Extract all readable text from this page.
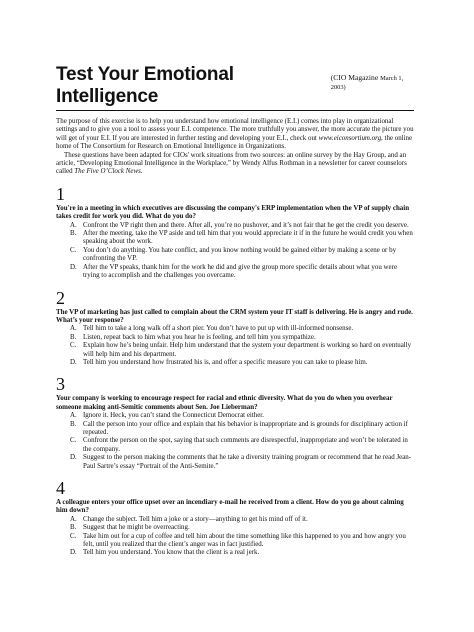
Test Your Emotional Intelligence
(CIO Magazine March 1, 2003)

The purpose of this exercise is to help you understand how emotional intelligence (E.I.) comes into play in organizational settings and to give you a tool to assess your E.I. competence. The more truthfully you answer, the more accurate the picture you will get of your E.I. If you are interested in further testing and developing your E.I., check out www.eiconsortium.org, the online home of The Consortium for Research on Emotional Intelligence in Organizations.

These questions have been adapted for CIOs' work situations from two sources: an online survey by the Hay Group, and an article, “Developing Emotional Intelligence in the Workplace,” by Wendy Alfus Rothman in a newsletter for career counselors called The Five O’Clock News.

1

You're in a meeting in which executives are discussing the company's ERP implementation when the VP of supply chain takes credit for work you did. What do you do?

A. Confront the VP right then and there. After all, you’re no pushover, and it’s not fair that he get the credit you deserve.
B. After the meeting, take the VP aside and tell him that you would appreciate it if in the future he would credit you when speaking about the work.
C. You don’t do anything. You hate conflict, and you know nothing would be gained either by making a scene or by confronting the VP.
D. After the VP speaks, thank him for the work he did and give the group more specific details about what you were trying to accomplish and the challenges you overcame.
2

The VP of marketing has just called to complain about the CRM system your IT staff is delivering. He is angry and rude. What’s your response?

A. Tell him to take a long walk off a short pier. You don’t have to put up with ill-informed nonsense.
B. Listen, repeat back to him what you hear he is feeling, and tell him you sympathize.
C. Explain how he’s being unfair. Help him understand that the system your department is working so hard on eventually will help him and his department.
D. Tell him you understand how frustrated his is, and offer a specific measure you can take to please him.
3

Your company is working to encourage respect for racial and ethnic diversity. What do you do when you overhear someone making anti-Semitic comments about Sen. Joe Lieberman?

A. Ignore it. Heck, you can’t stand the Connecticut Democrat either.
B. Call the person into your office and explain that his behavior is inappropriate and is grounds for disciplinary action if repeated.
C. Confront the person on the spot, saying that such comments are disrespectful, inappropriate and won’t be tolerated in the company.
D. Suggest to the person making the comments that he take a diversity training program or recommend that he read Jean-Paul Sartre’s essay “Portrait of the Anti-Semite.”
4

A colleague enters your office upset over an incendiary e-mail he received from a client. How do you go about calming him down?

A. Change the subject. Tell him a joke or a story—anything to get his mind off of it.
B. Suggest that he might be overreacting.
C. Take him out for a cup of coffee and tell him about the time something like this happened to you and how angry you felt, until you realized that the client’s anger was in fact justified.
D. Tell him you understand. You know that the client is a real jerk.
